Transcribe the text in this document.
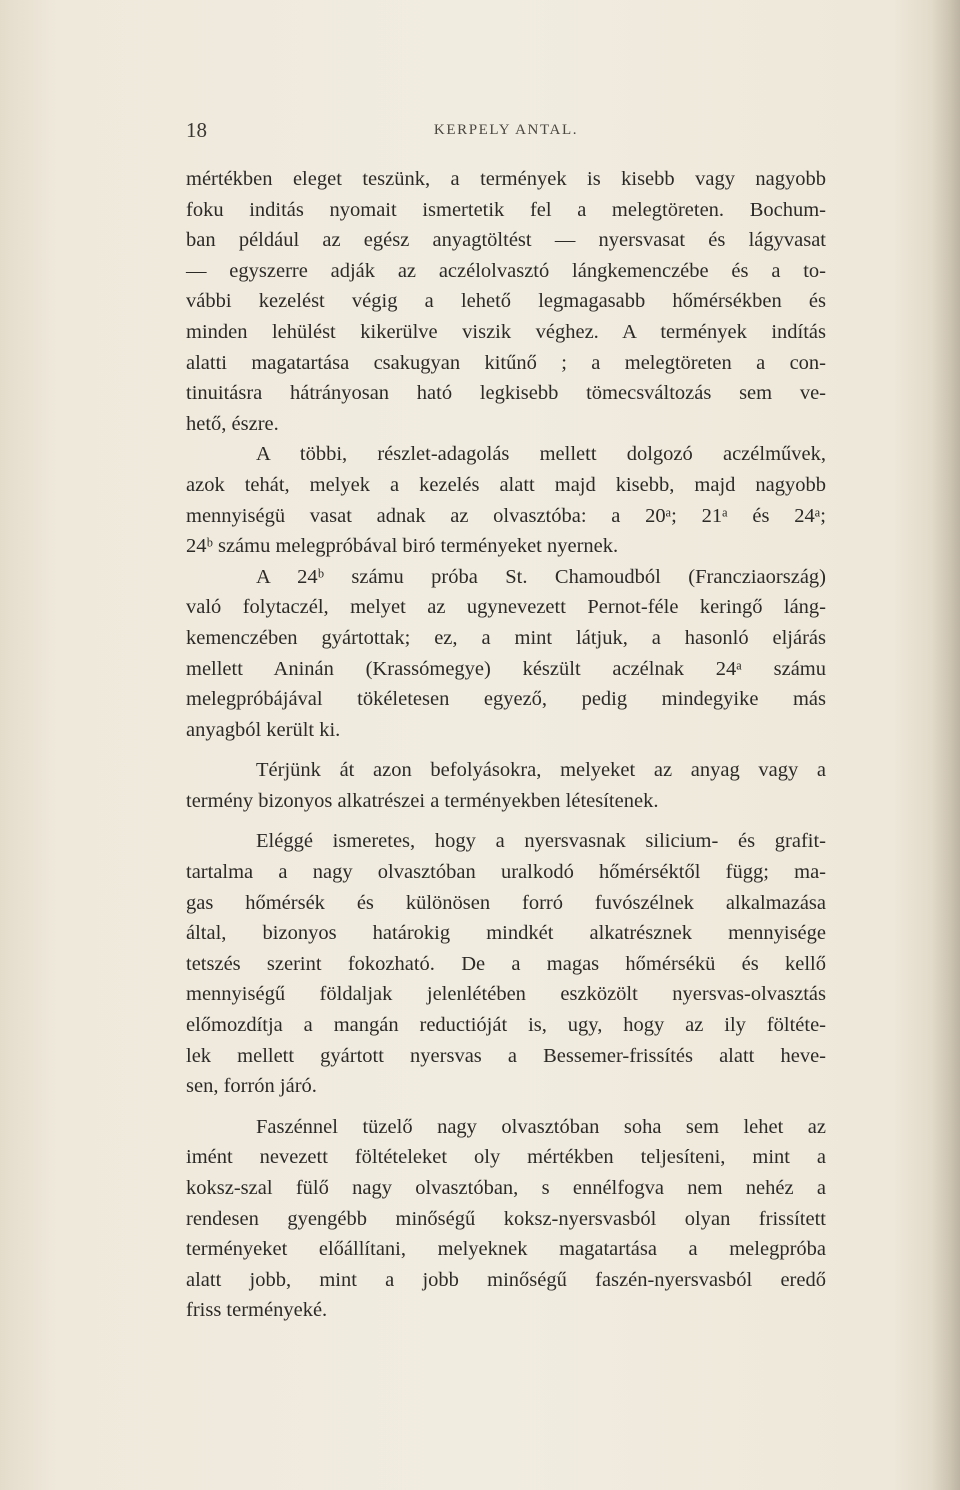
18	KERPELY ANTAL.
mértékben eleget teszünk, a termények is kisebb vagy nagyobb
foku inditás nyomait ismertetik fel a melegtöreten. Bochum-
ban például az egész anyagtöltést — nyersvasat és lágyvasat
— egyszerre adják az aczélolvasztó lángkemenczébe és a to-
vábbi kezelést végig a lehető legmagasabb hőmérsékben és
minden lehülést kikerülve viszik véghez. A termények indítás
alatti magatartása csakugyan kitűnő ; a melegtöreten a con-
tinuitásra hátrányosan ható legkisebb tömecsváltozás sem ve-
hető, észre.
A többi, részlet-adagolás mellett dolgozó aczélművek,
azok tehát, melyek a kezelés alatt majd kisebb, majd nagyobb
mennyiségü vasat adnak az olvasztóba: a 20ᵃ; 21ᵃ és 24ᵃ;
24ᵇ számu melegpróbával biró terményeket nyernek.
A 24ᵇ számu próba St. Chamoudból (Francziaország)
való folytaczél, melyet az ugynevezett Pernot-féle keringő láng-
kemenczében gyártottak; ez, a mint látjuk, a hasonló eljárás
mellett Aninán (Krassómegye) készült aczélnak 24ᵃ számu
melegpróbájával tökéletesen egyező, pedig mindegyike más
anyagból került ki.
Térjünk át azon befolyásokra, melyeket az anyag vagy a
termény bizonyos alkatrészei a terményekben létesítenek.
Eléggé ismeretes, hogy a nyersvasnak silicium- és grafit-
tartalma a nagy olvasztóban uralkodó hőmérséktől függ; ma-
gas hőmérsék és különösen forró fuvószélnek alkalmazása
által, bizonyos határokig mindkét alkatrésznek mennyisége
tetszés szerint fokozható. De a magas hőmérsékü és kellő
mennyiségű földaljak jelenlétében eszközölt nyersvas-olvasztás
előmozdítja a mangán reductióját is, ugy, hogy az ily föltéte-
lek mellett gyártott nyersvas a Bessemer-frissítés alatt heve-
sen, forrón járó.
Faszénnel tüzelő nagy olvasztóban soha sem lehet az
imént nevezett föltételeket oly mértékben teljesíteni, mint a
koksz-szal fülő nagy olvasztóban, s ennélfogva nem nehéz a
rendesen gyengébb minőségű koksz-nyersvasból olyan frissített
terményeket előállítani, melyeknek magatartása a melegpróba
alatt jobb, mint a jobb minőségű faszén-nyersvasból eredő
friss terményeké.
